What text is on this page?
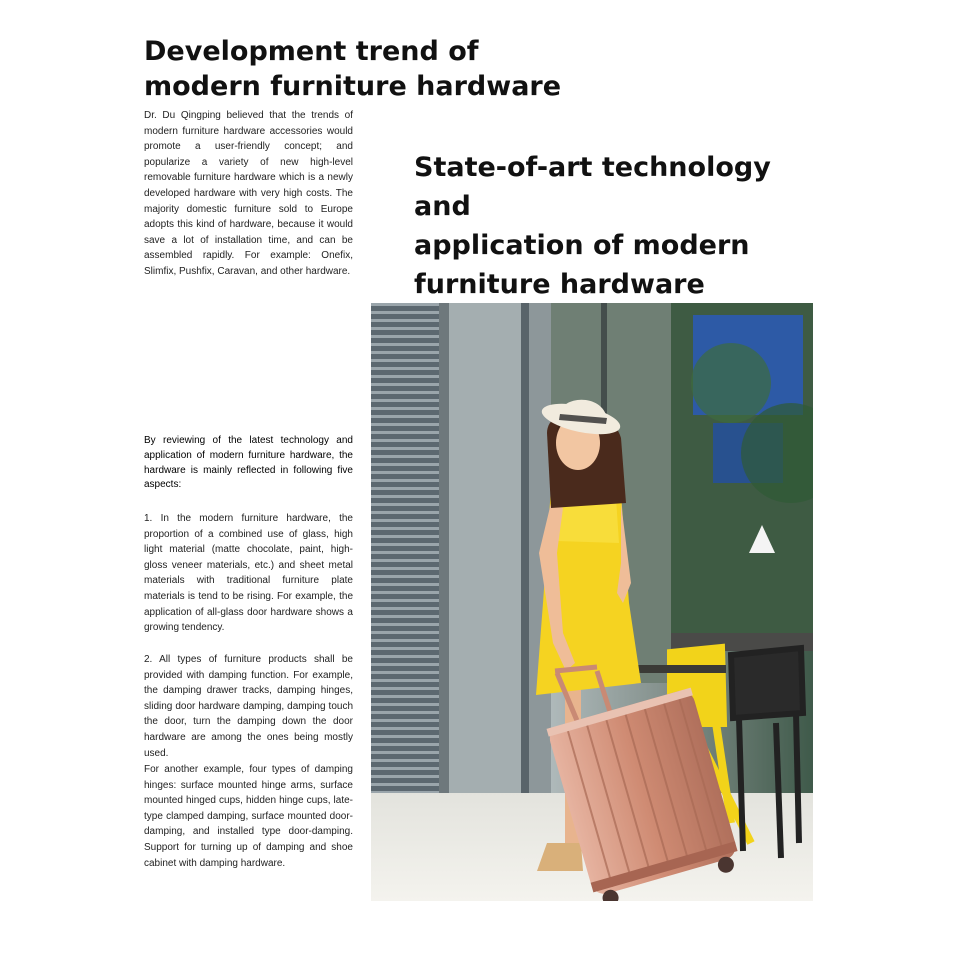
Development trend of
modern furniture hardware
Dr. Du Qingping believed that the trends of modern furniture hardware accessories would promote a user-friendly concept; and popularize a variety of new high-level removable furniture hardware which is a newly developed hardware with very high costs. The majority domestic furniture sold to Europe adopts this kind of hardware, because it would save a lot of installation time, and can be assembled rapidly. For example: Onefix, Slimfix, Pushfix, Caravan, and other hardware.
State-of-art technology and
application of modern
furniture hardware
By reviewing of the latest technology and application of modern furniture hardware, the hardware is mainly reflected in following five aspects:
1. In the modern furniture hardware, the proportion of a combined use of glass, high light material (matte chocolate, paint, high-gloss veneer materials, etc.) and sheet metal materials with traditional furniture plate materials is tend to be rising. For example, the application of all-glass door hardware shows a growing tendency.
2. All types of furniture products shall be provided with damping function. For example, the damping drawer tracks, damping hinges, sliding door hardware damping, damping touch the door, turn the damping down the door hardware are among the ones being mostly used.
For another example, four types of damping hinges: surface mounted hinge arms, surface mounted hinged cups, hidden hinge cups, late-type clamped damping, surface mounted door- damping, and installed type door-damping. Support for turning up of damping and shoe cabinet with damping hardware.
